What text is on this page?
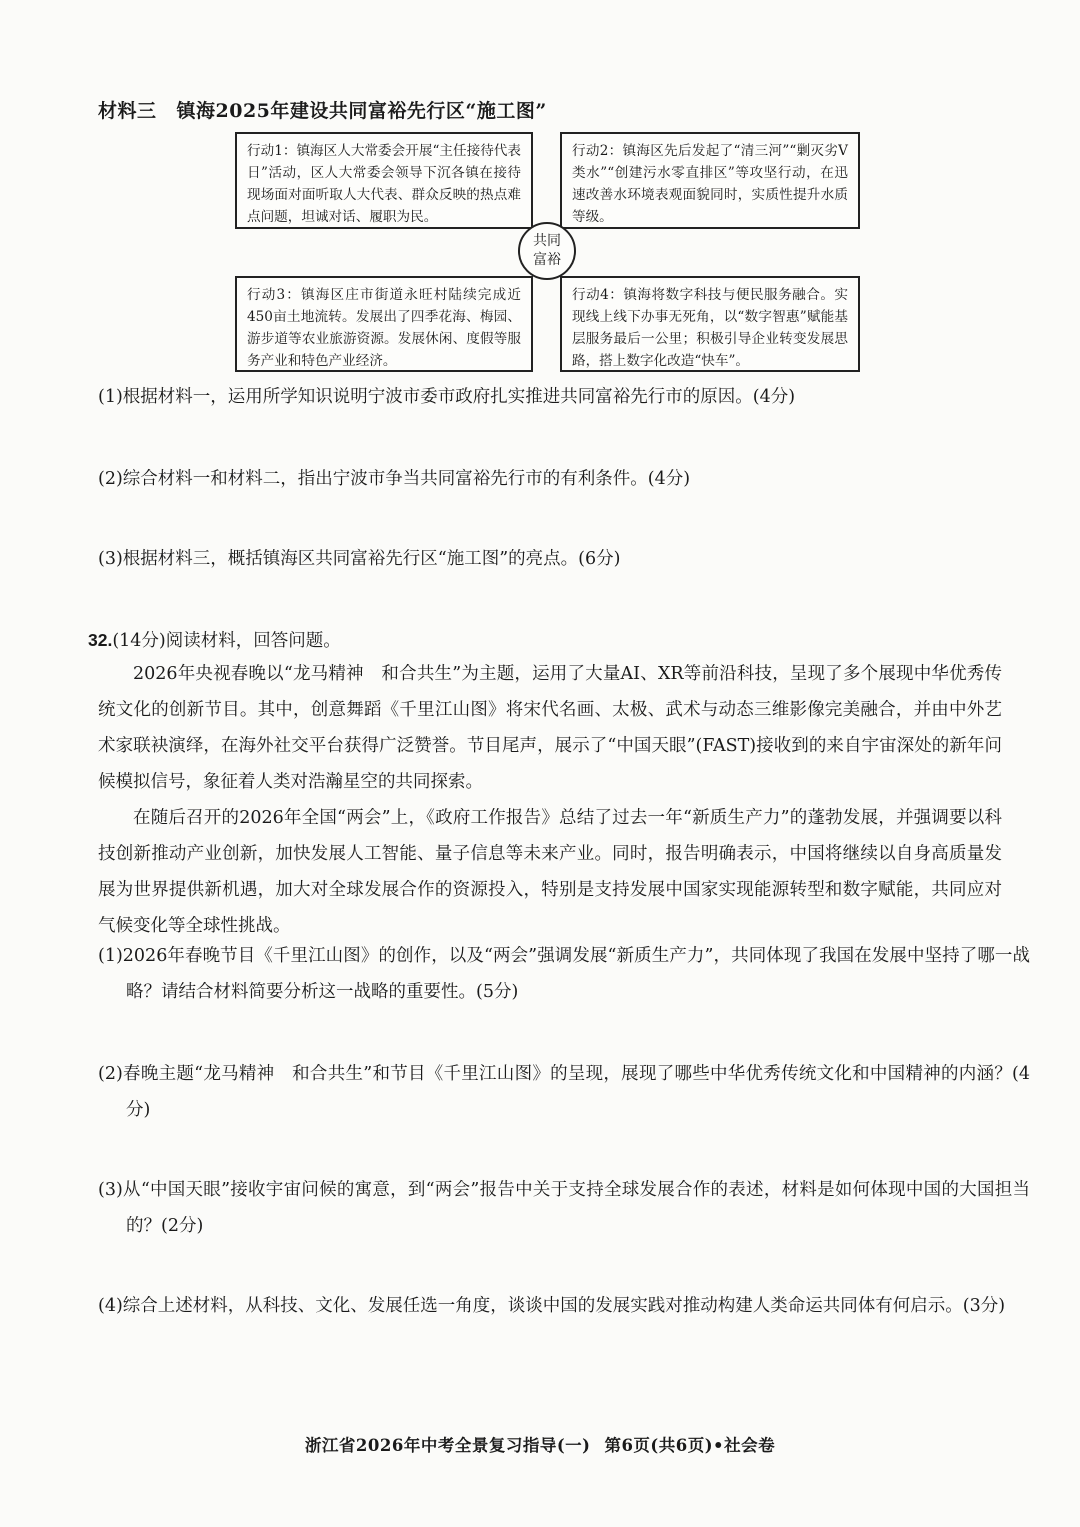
材料三 镇海2025年建设共同富裕先行区“施工图”
行动1：镇海区人大常委会开展“主任接待代表日”活动，区人大常委会领导下沉各镇在接待现场面对面听取人大代表、群众反映的热点难点问题，坦诚对话、履职为民。
行动2：镇海区先后发起了“清三河”“剿灭劣Ⅴ类水”“创建污水零直排区”等攻坚行动，在迅速改善水环境表观面貌同时，实质性提升水质等级。
行动3：镇海区庄市街道永旺村陆续完成近450亩土地流转。发展出了四季花海、梅园、游步道等农业旅游资源。发展休闲、度假等服务产业和特色产业经济。
行动4：镇海将数字科技与便民服务融合。实现线上线下办事无死角，以“数字智惠”赋能基层服务最后一公里；积极引导企业转变发展思路，搭上数字化改造“快车”。
共同
富裕
(1)根据材料一，运用所学知识说明宁波市委市政府扎实推进共同富裕先行市的原因。(4分)
(2)综合材料一和材料二，指出宁波市争当共同富裕先行市的有利条件。(4分)
(3)根据材料三，概括镇海区共同富裕先行区“施工图”的亮点。(6分)
32.(14分)阅读材料，回答问题。
2026年央视春晚以“龙马精神　和合共生”为主题，运用了大量AI、XR等前沿科技，呈现了多个展现中华优秀传统文化的创新节目。其中，创意舞蹈《千里江山图》将宋代名画、太极、武术与动态三维影像完美融合，并由中外艺术家联袂演绎，在海外社交平台获得广泛赞誉。节目尾声，展示了“中国天眼”(FAST)接收到的来自宇宙深处的新年问候模拟信号，象征着人类对浩瀚星空的共同探索。
在随后召开的2026年全国“两会”上，《政府工作报告》总结了过去一年“新质生产力”的蓬勃发展，并强调要以科技创新推动产业创新，加快发展人工智能、量子信息等未来产业。同时，报告明确表示，中国将继续以自身高质量发展为世界提供新机遇，加大对全球发展合作的资源投入，特别是支持发展中国家实现能源转型和数字赋能，共同应对气候变化等全球性挑战。
(1)2026年春晚节目《千里江山图》的创作，以及“两会”强调发展“新质生产力”，共同体现了我国在发展中坚持了哪一战略？请结合材料简要分析这一战略的重要性。(5分)
(2)春晚主题“龙马精神　和合共生”和节目《千里江山图》的呈现，展现了哪些中华优秀传统文化和中国精神的内涵？(4分)
(3)从“中国天眼”接收宇宙问候的寓意，到“两会”报告中关于支持全球发展合作的表述，材料是如何体现中国的大国担当的？(2分)
(4)综合上述材料，从科技、文化、发展任选一角度，谈谈中国的发展实践对推动构建人类命运共同体有何启示。(3分)
浙江省2026年中考全景复习指导(一) 第6页(共6页)•社会卷
